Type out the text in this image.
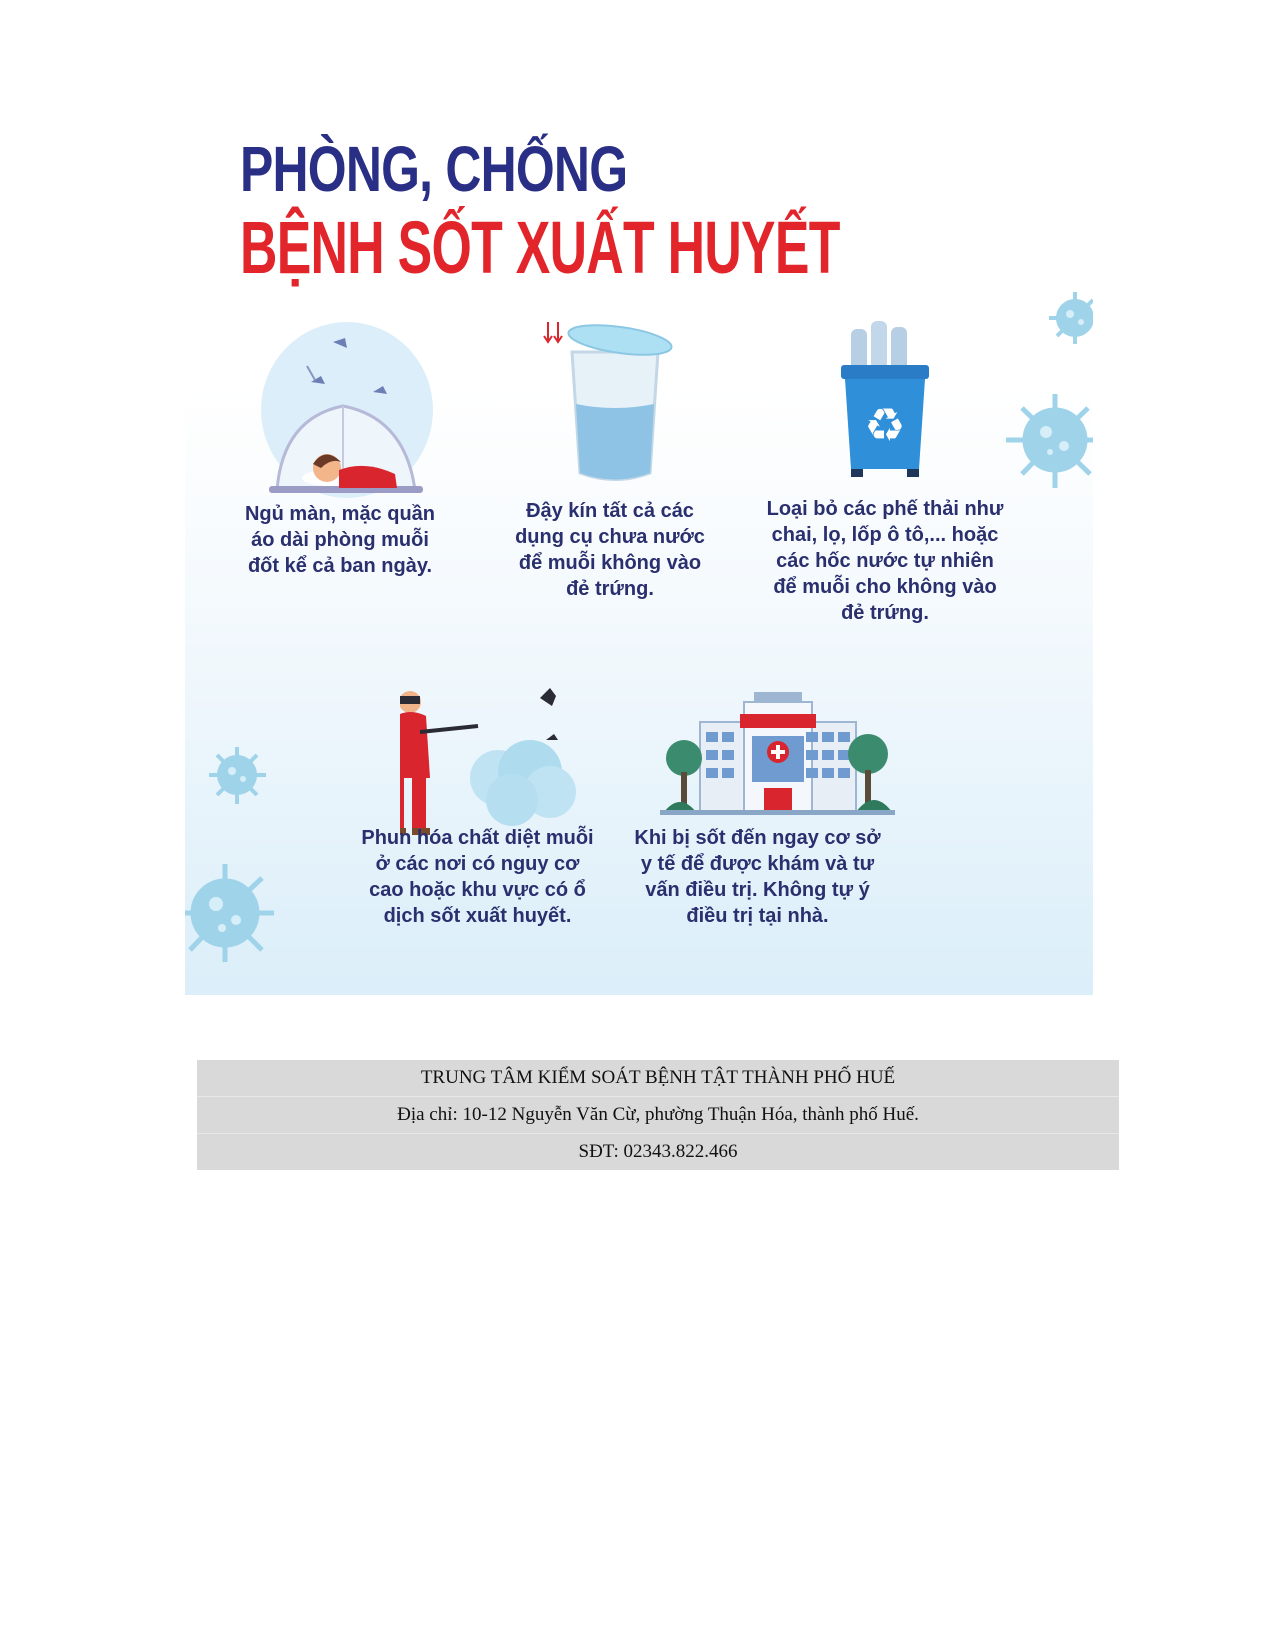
PHÒNG, CHỐNG
BỆNH SỐT XUẤT HUYẾT
Ngủ màn, mặc quần
áo dài phòng muỗi
đốt kể cả ban ngày.
Đậy kín tất cả các
dụng cụ chưa nước
để muỗi không vào
đẻ trứng.
♻
Loại bỏ các phế thải như
chai, lọ, lốp ô tô,... hoặc
các hốc nước tự nhiên
để muỗi cho không vào
đẻ trứng.
Phun hóa chất diệt muỗi
ở các nơi có nguy cơ
cao hoặc khu vực có ổ
dịch sốt xuất huyết.
Khi bị sốt đến ngay cơ sở
y tế để được khám và tư
vấn điều trị. Không tự ý
điều trị tại nhà.
TRUNG TÂM KIỂM SOÁT BỆNH TẬT THÀNH PHỐ HUẾ
Địa chỉ: 10-12 Nguyễn Văn Cừ, phường Thuận Hóa, thành phố Huế.
SĐT: 02343.822.466
